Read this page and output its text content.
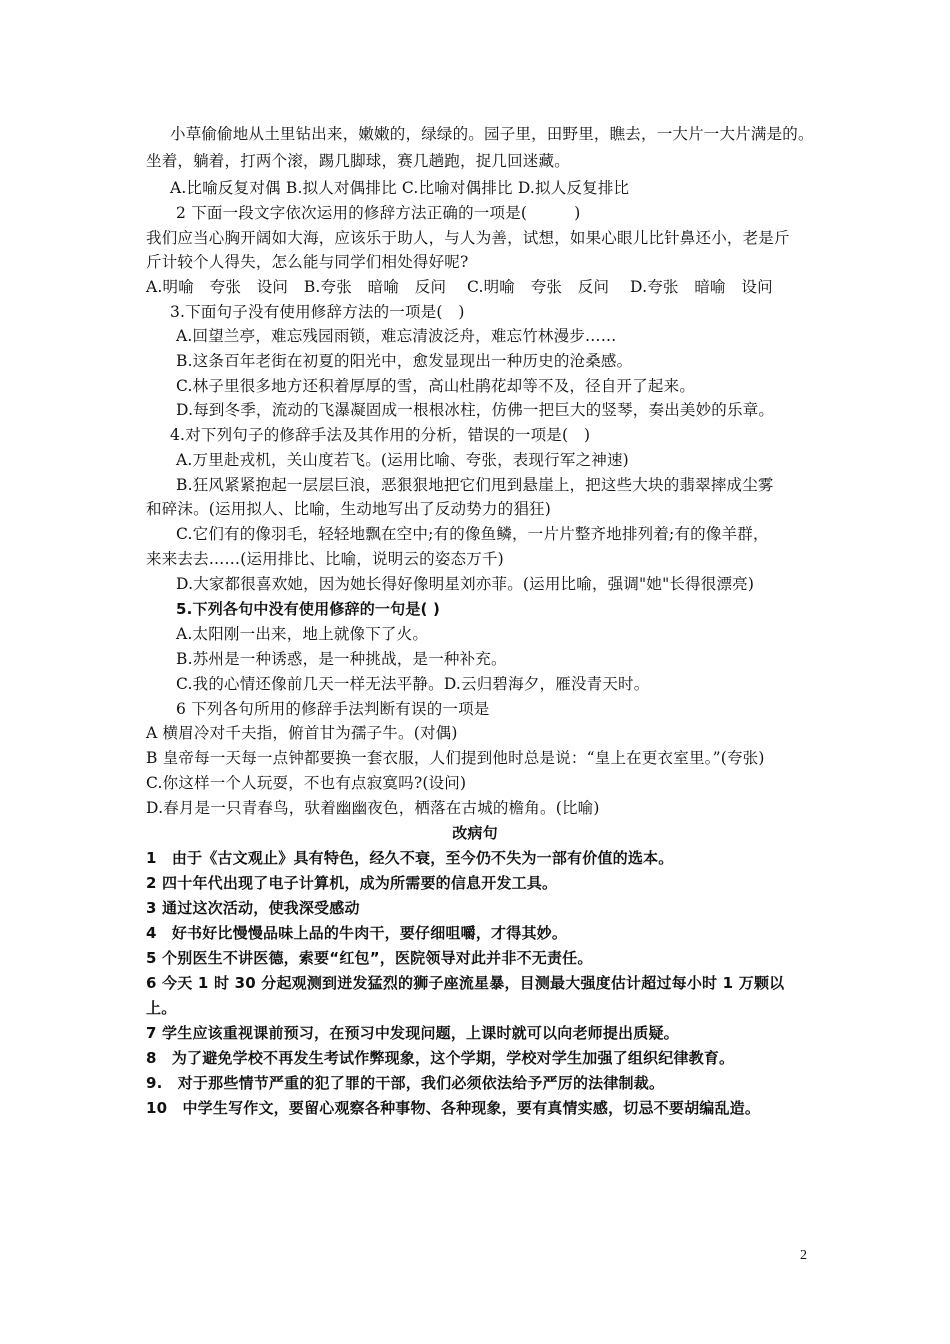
小草偷偷地从土里钻出来，嫩嫩的，绿绿的。园子里，田野里，瞧去，一大片一大片满是的。
坐着，躺着，打两个滚，踢几脚球，赛几趟跑，捉几回迷藏。
A.比喻反复对偶 B.拟人对偶排比 C.比喻对偶排比 D.拟人反复排比
2 下面一段文字依次运用的修辞方法正确的一项是(　　　)
我们应当心胸开阔如大海，应该乐于助人，与人为善，试想，如果心眼儿比针鼻还小，老是斤
斤计较个人得失，怎么能与同学们相处得好呢?
A.明喻　夸张　设问　B.夸张　暗喻　反问　 C.明喻　夸张　反问　 D.夸张　暗喻　设问
3.下面句子没有使用修辞方法的一项是(　)
A.回望兰亭，难忘残园雨锁，难忘清波泛舟，难忘竹林漫步……
B.这条百年老街在初夏的阳光中，愈发显现出一种历史的沧桑感。
C.林子里很多地方还积着厚厚的雪，高山杜鹃花却等不及，径自开了起来。
D.每到冬季，流动的飞瀑凝固成一根根冰柱，仿佛一把巨大的竖琴，奏出美妙的乐章。
4.对下列句子的修辞手法及其作用的分析，错误的一项是(　)
A.万里赴戎机，关山度若飞。(运用比喻、夸张，表现行军之神速)
B.狂风紧紧抱起一层层巨浪，恶狠狠地把它们甩到悬崖上，把这些大块的翡翠摔成尘雾
和碎沫。(运用拟人、比喻，生动地写出了反动势力的猖狂)
C.它们有的像羽毛，轻轻地飘在空中;有的像鱼鳞，一片片整齐地排列着;有的像羊群，
来来去去……(运用排比、比喻，说明云的姿态万千)
D.大家都很喜欢她，因为她长得好像明星刘亦菲。(运用比喻，强调"她"长得很漂亮)
5.下列各句中没有使用修辞的一句是( )
A.太阳刚一出来，地上就像下了火。
B.苏州是一种诱惑，是一种挑战，是一种补充。
C.我的心情还像前几天一样无法平静。D.云归碧海夕，雁没青天时。
6 下列各句所用的修辞手法判断有误的一项是
A 横眉冷对千夫指，俯首甘为孺子牛。(对偶)
B 皇帝每一天每一点钟都要换一套衣服，人们提到他时总是说：“皇上在更衣室里。”(夸张)
C.你这样一个人玩耍，不也有点寂寞吗?(设问)
D.春月是一只青春鸟，驮着幽幽夜色，栖落在古城的檐角。(比喻)
改病句
1　由于《古文观止》具有特色，经久不衰，至今仍不失为一部有价值的选本。
2 四十年代出现了电子计算机，成为所需要的信息开发工具。
3 通过这次活动，使我深受感动
4　好书好比慢慢品味上品的牛肉干，要仔细咀嚼，才得其妙。
5 个别医生不讲医德，索要“红包”，医院领导对此并非不无责任。
6 今天 1 时 30 分起观测到迸发猛烈的狮子座流星暴，目测最大强度估计超过每小时 1 万颗以
上。
7 学生应该重视课前预习，在预习中发现问题，上课时就可以向老师提出质疑。
8　为了避免学校不再发生考试作弊现象，这个学期，学校对学生加强了组织纪律教育。
9.　对于那些情节严重的犯了罪的干部，我们必须依法给予严厉的法律制裁。
10　中学生写作文，要留心观察各种事物、各种现象，要有真情实感，切忌不要胡编乱造。
2
